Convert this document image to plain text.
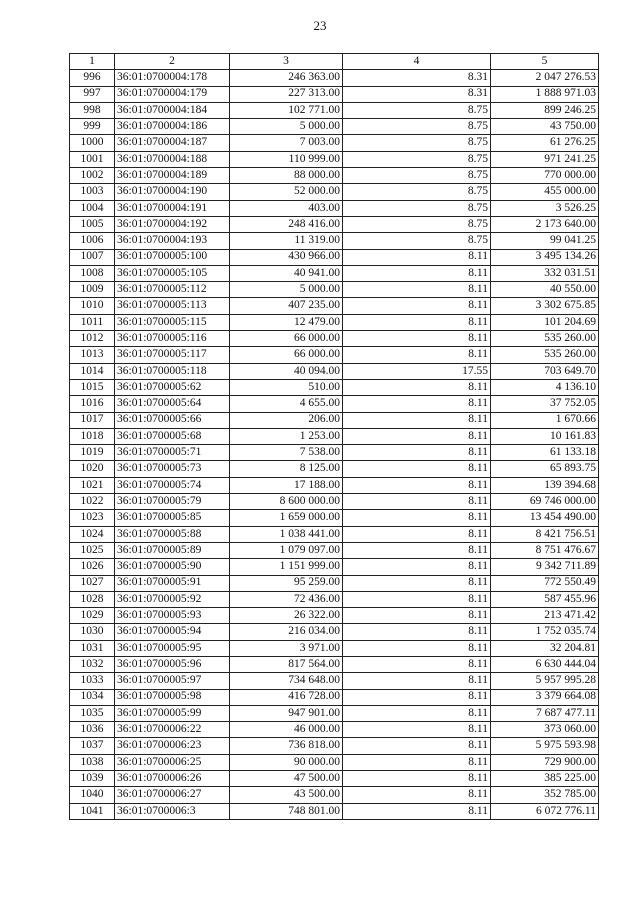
23
1	2	3	4	5
996	36:01:0700004:178	246 363.00	8.31	2 047 276.53
997	36:01:0700004:179	227 313.00	8.31	1 888 971.03
998	36:01:0700004:184	102 771.00	8.75	899 246.25
999	36:01:0700004:186	5 000.00	8.75	43 750.00
1000	36:01:0700004:187	7 003.00	8.75	61 276.25
1001	36:01:0700004:188	110 999.00	8.75	971 241.25
1002	36:01:0700004:189	88 000.00	8.75	770 000.00
1003	36:01:0700004:190	52 000.00	8.75	455 000.00
1004	36:01:0700004:191	403.00	8.75	3 526.25
1005	36:01:0700004:192	248 416.00	8.75	2 173 640.00
1006	36:01:0700004:193	11 319.00	8.75	99 041.25
1007	36:01:0700005:100	430 966.00	8.11	3 495 134.26
1008	36:01:0700005:105	40 941.00	8.11	332 031.51
1009	36:01:0700005:112	5 000.00	8.11	40 550.00
1010	36:01:0700005:113	407 235.00	8.11	3 302 675.85
1011	36:01:0700005:115	12 479.00	8.11	101 204.69
1012	36:01:0700005:116	66 000.00	8.11	535 260.00
1013	36:01:0700005:117	66 000.00	8.11	535 260.00
1014	36:01:0700005:118	40 094.00	17.55	703 649.70
1015	36:01:0700005:62	510.00	8.11	4 136.10
1016	36:01:0700005:64	4 655.00	8.11	37 752.05
1017	36:01:0700005:66	206.00	8.11	1 670.66
1018	36:01:0700005:68	1 253.00	8.11	10 161.83
1019	36:01:0700005:71	7 538.00	8.11	61 133.18
1020	36:01:0700005:73	8 125.00	8.11	65 893.75
1021	36:01:0700005:74	17 188.00	8.11	139 394.68
1022	36:01:0700005:79	8 600 000.00	8.11	69 746 000.00
1023	36:01:0700005:85	1 659 000.00	8.11	13 454 490.00
1024	36:01:0700005:88	1 038 441.00	8.11	8 421 756.51
1025	36:01:0700005:89	1 079 097.00	8.11	8 751 476.67
1026	36:01:0700005:90	1 151 999.00	8.11	9 342 711.89
1027	36:01:0700005:91	95 259.00	8.11	772 550.49
1028	36:01:0700005:92	72 436.00	8.11	587 455.96
1029	36:01:0700005:93	26 322.00	8.11	213 471.42
1030	36:01:0700005:94	216 034.00	8.11	1 752 035.74
1031	36:01:0700005:95	3 971.00	8.11	32 204.81
1032	36:01:0700005:96	817 564.00	8.11	6 630 444.04
1033	36:01:0700005:97	734 648.00	8.11	5 957 995.28
1034	36:01:0700005:98	416 728.00	8.11	3 379 664.08
1035	36:01:0700005:99	947 901.00	8.11	7 687 477.11
1036	36:01:0700006:22	46 000.00	8.11	373 060.00
1037	36:01:0700006:23	736 818.00	8.11	5 975 593.98
1038	36:01:0700006:25	90 000.00	8.11	729 900.00
1039	36:01:0700006:26	47 500.00	8.11	385 225.00
1040	36:01:0700006:27	43 500.00	8.11	352 785.00
1041	36:01:0700006:3	748 801.00	8.11	6 072 776.11
